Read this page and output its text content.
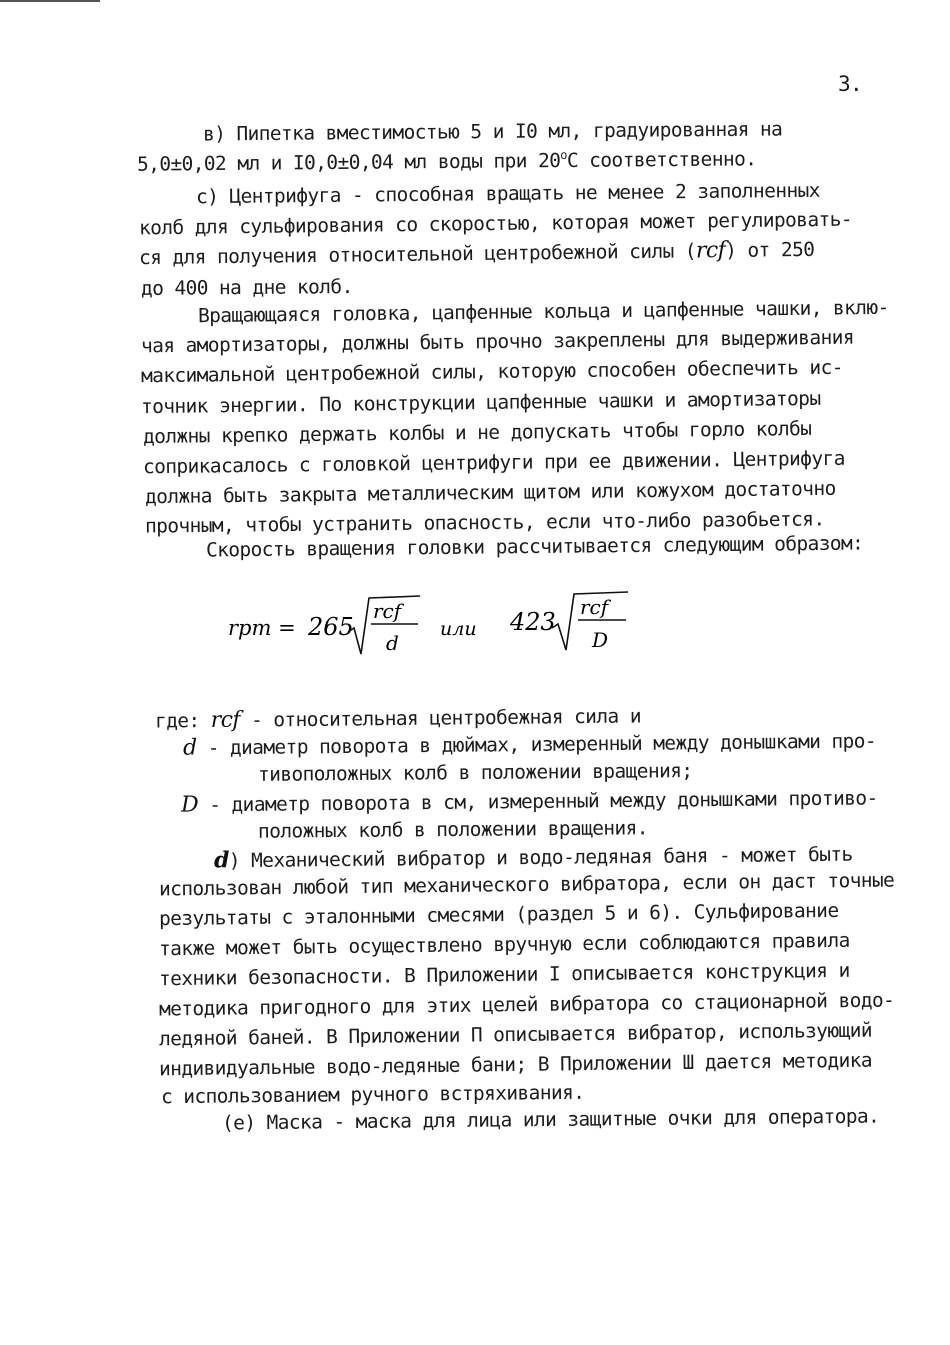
3.
в) Пипетка вместимостью 5 и I0 мл, градуированная на
5,0±0,02 мл и I0,0±0,04 мл воды при $20^оС$ соответственно.
с) Центрифуга - способная вращать не менее 2 заполненных
колб для сульфирования со скоростью, которая может регулировать-
ся для получения относительной центробежной силы (rcf) от 250
до 400 на дне колб.
Вращающаяся головка, цапфенные кольца и цапфенные чашки, вклю-
чая амортизаторы, должны быть прочно закреплены для выдерживания
максимальной центробежной силы, которую способен обеспечить ис-
точник энергии. По конструкции цапфенные чашки и амортизаторы
должны крепко держать колбы и не допускать чтобы горло колбы
соприкасалось с головкой центрифуги при ее движении. Центрифуга
должна быть закрыта металлическим щитом или кожухом достаточно
прочным, чтобы устранить опасность, если что-либо разобьется.
Скорость вращения головки рассчитывается следующим образом:
rpm = 265
rcf
d
или 423
rcf
D
где: rcf - относительная центробежная сила и
d - диаметр поворота в дюймах, измеренный между донышками про-
тивоположных колб в положении вращения;
D - диаметр поворота в см, измеренный между донышками противо-
положных колб в положении вращения.
d) Механический вибратор и водо-ледяная баня - может быть
использован любой тип механического вибратора, если он даст точные
результаты с эталонными смесями (раздел 5 и 6). Сульфирование
также может быть осуществлено вручную если соблюдаются правила
техники безопасности. В Приложении I описывается конструкция и
методика пригодного для этих целей вибратора со стационарной водо-
ледяной баней. В Приложении П описывается вибратор, использующий
индивидуальные водо-ледяные бани; В Приложении Ш дается методика
с использованием ручного встряхивания.
(е) Маска - маска для лица или защитные очки для оператора.
